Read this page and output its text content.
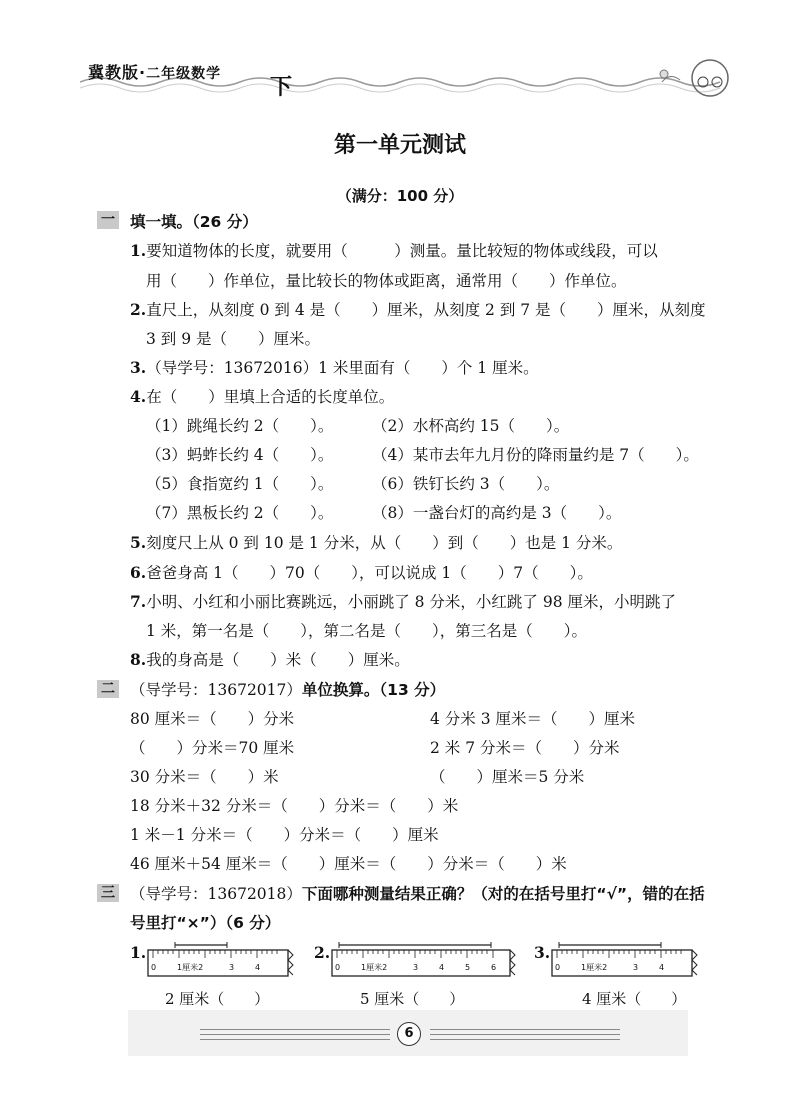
冀教版·二年级数学
下
第一单元测试
（满分：100 分）
一 填一填。（26 分）
1.要知道物体的长度，就要用（　　　）测量。量比较短的物体或线段，可以
用（　　）作单位，量比较长的物体或距离，通常用（　　）作单位。
2.直尺上，从刻度 0 到 4 是（　　）厘米，从刻度 2 到 7 是（　　）厘米，从刻度
3 到 9 是（　　）厘米。
3.（导学号：13672016）1 米里面有（　　）个 1 厘米。
4.在（　　）里填上合适的长度单位。
（1）跳绳长约 2（　　）。 （2）水杯高约 15（　　）。
（3）蚂蚱长约 4（　　）。 （4）某市去年九月份的降雨量约是 7（　　）。
（5）食指宽约 1（　　）。 （6）铁钉长约 3（　　）。
（7）黑板长约 2（　　）。 （8）一盏台灯的高约是 3（　　）。
5.刻度尺上从 0 到 10 是 1 分米，从（　　）到（　　）也是 1 分米。
6.爸爸身高 1（　　）70（　　），可以说成 1（　　）7（　　）。
7.小明、小红和小丽比赛跳远，小丽跳了 8 分米，小红跳了 98 厘米，小明跳了
1 米，第一名是（　　），第二名是（　　），第三名是（　　）。
8.我的身高是（　　）米（　　）厘米。
二 （导学号：13672017）单位换算。（13 分）
80 厘米＝（　　）分米	4 分米 3 厘米＝（　　）厘米
（　　）分米＝70 厘米	2 米 7 分米＝（　　）分米
30 分米＝（　　）米	（　　）厘米＝5 分米
18 分米＋32 分米＝（　　）分米＝（　　）米
1 米－1 分米＝（　　）分米＝（　　）厘米
46 厘米＋54 厘米＝（　　）厘米＝（　　）分米＝（　　）米
三 （导学号：13672018）下面哪种测量结果正确？（对的在括号里打“√”，错的在括
号里打“×”）（6 分）
1.
0	1厘米2	3	4
2 厘米（　　）
2.
0	1厘米2	3	4	5	6
5 厘米（　　）
3.
0	1厘米2	3	4
4 厘米（　　）
6
